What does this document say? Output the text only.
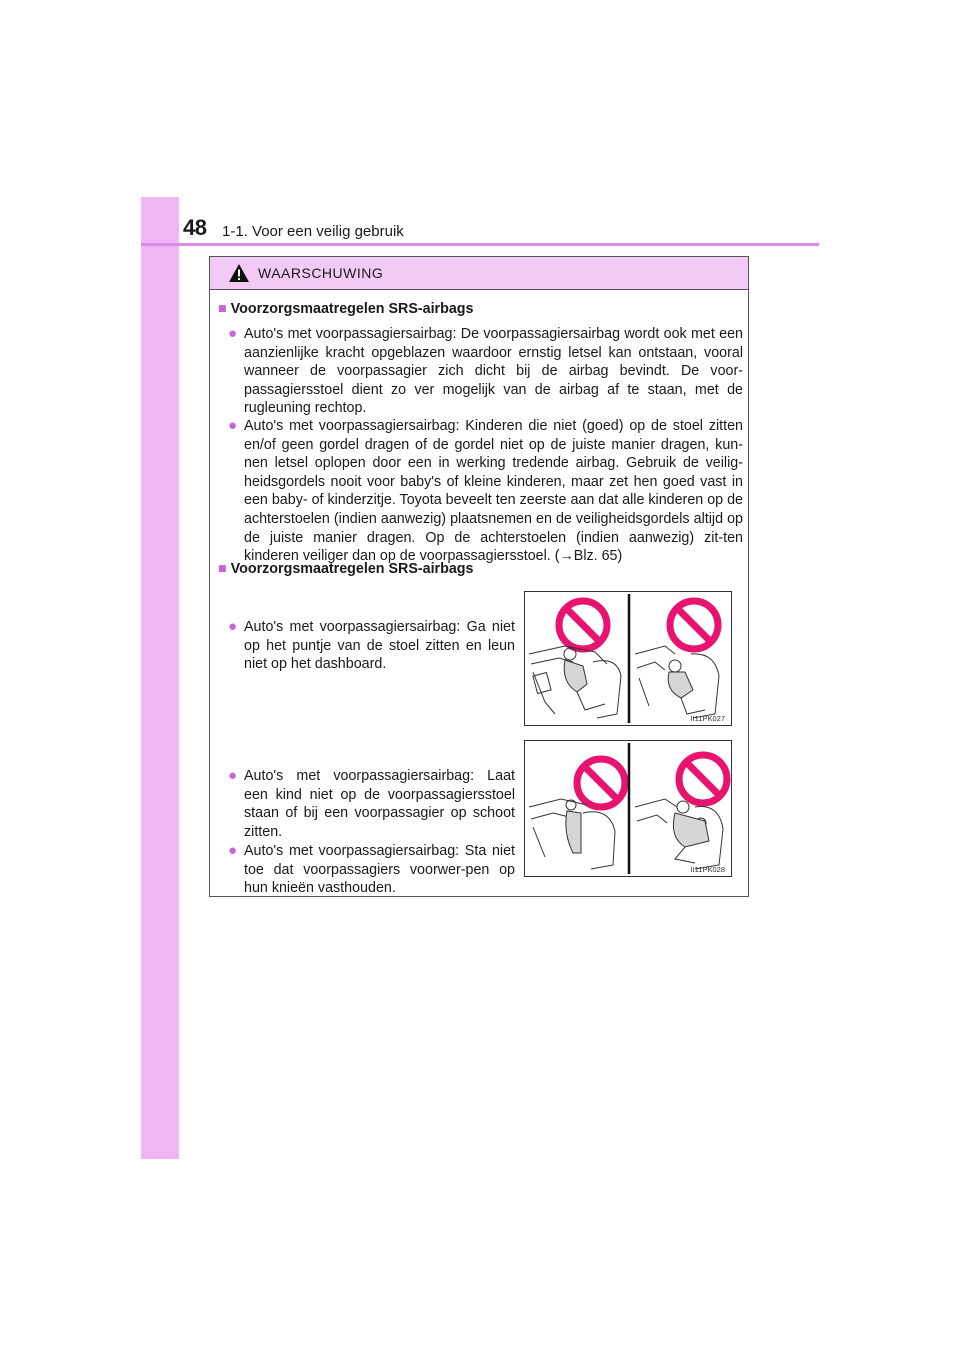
48 1-1. Voor een veilig gebruik
WAARSCHUWING
■ Voorzorgsmaatregelen SRS-airbags
● Auto's met voorpassagiersairbag: De voorpassagiersairbag wordt ook met een aanzienlijke kracht opgeblazen waardoor ernstig letsel kan ontstaan, vooral wanneer de voorpassagier zich dicht bij de airbag bevindt. De voor-passagiersstoel dient zo ver mogelijk van de airbag af te staan, met de rugleuning rechtop.
● Auto's met voorpassagiersairbag: Kinderen die niet (goed) op de stoel zitten en/of geen gordel dragen of de gordel niet op de juiste manier dragen, kun-nen letsel oplopen door een in werking tredende airbag. Gebruik de veilig-heidsgordels nooit voor baby's of kleine kinderen, maar zet hen goed vast in een baby- of kinderzitje. Toyota beveelt ten zeerste aan dat alle kinderen op de achterstoelen (indien aanwezig) plaatsnemen en de veiligheidsgordels altijd op de juiste manier dragen. Op de achterstoelen (indien aanwezig) zit-ten kinderen veiliger dan op de voorpassagiersstoel. (→Blz. 65)
■ Voorzorgsmaatregelen SRS-airbags
● Auto's met voorpassagiersairbag: Ga niet op het puntje van de stoel zitten en leun niet op het dashboard.
● Auto's met voorpassagiersairbag: Laat een kind niet op de voorpassagiersstoel staan of bij een voorpassagier op schoot zitten.
● Auto's met voorpassagiersairbag: Sta niet toe dat voorpassagiers voorwer-pen op hun knieën vasthouden.
II11PK027
II11PK028
